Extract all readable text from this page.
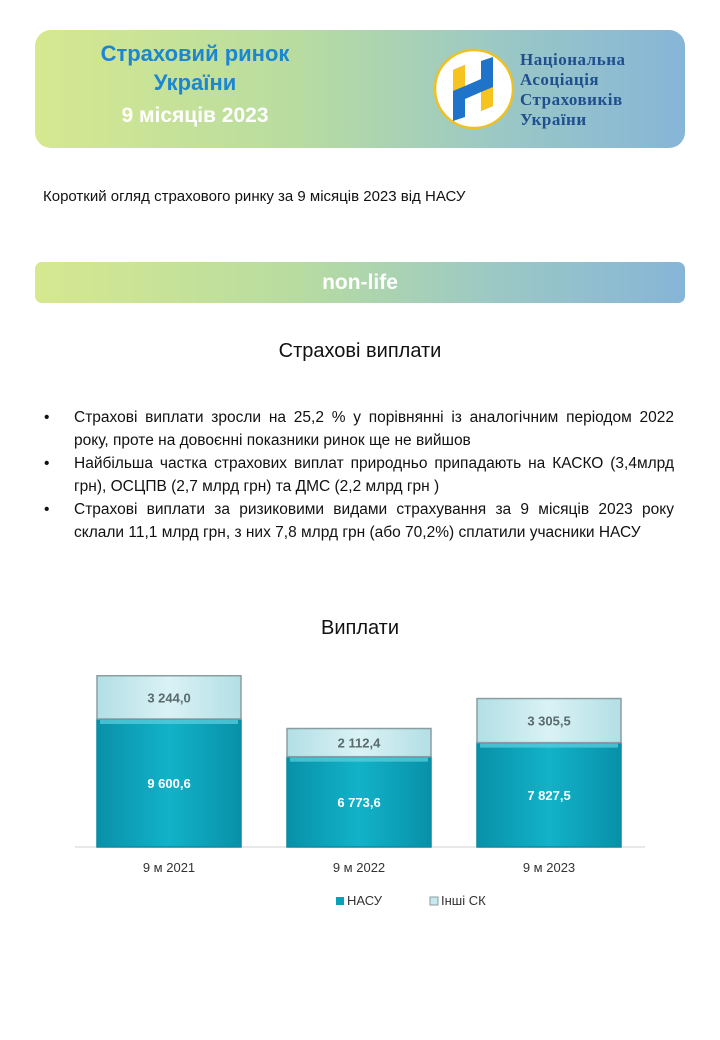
Страховий ринок
України
9 місяців 2023
Національна
Асоціація
Страховиків
України
Короткий огляд страхового ринку за 9 місяців 2023 від НАСУ
non-life
Страхові виплати
• Страхові виплати зросли на 25,2 % у порівнянні із аналогічним періодом 2022 року, проте на довоєнні показники ринок ще не вийшов
• Найбільша частка страхових виплат природньо припадають на КАСКО (3,4млрд грн), ОСЦПВ (2,7 млрд грн) та ДМС (2,2 млрд грн )
• Страхові виплати за ризиковими видами страхування за 9 місяців 2023 року склали 11,1 млрд грн, з них 7,8 млрд грн (або 70,2%) сплатили учасники НАСУ
Виплати
9 600,6
3 244,0
9 м 2021
6 773,6
2 112,4
9 м 2022
7 827,5
3 305,5
9 м 2023
НАСУ	Інші СК
